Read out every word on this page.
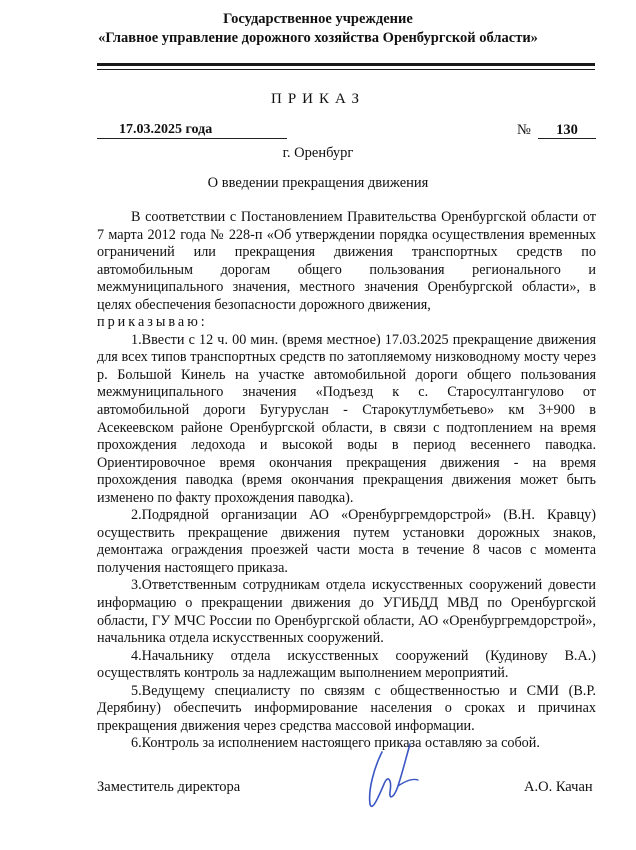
Государственное учреждение
«Главное управление дорожного хозяйства Оренбургской области»
ПРИКАЗ
17.03.2025 года	№	130
г. Оренбург
О введении прекращения движения

В соответствии с Постановлением Правительства Оренбургской области от 7 марта 2012 года № 228-п «Об утверждении порядка осуществления временных ограничений или прекращения движения транспортных средств по автомобильным дорогам общего пользования регионального и межмуниципального значения, местного значения Оренбургской области», в целях обеспечения безопасности дорожного движения,

приказываю:

1.Ввести с 12 ч. 00 мин. (время местное) 17.03.2025 прекращение движения для всех типов транспортных средств по затопляемому низководному мосту через р. Большой Кинель на участке автомобильной дороги общего пользования межмуниципального значения «Подъезд к с. Старосултангулово от автомобильной дороги Бугуруслан - Старокутлумбетьево» км 3+900 в Асекеевском районе Оренбургской области, в связи с подтоплением на время прохождения ледохода и высокой воды в период весеннего паводка. Ориентировочное время окончания прекращения движения - на время прохождения паводка (время окончания прекращения движения может быть изменено по факту прохождения паводка).

2.Подрядной организации АО «Оренбургремдорстрой» (В.Н. Кравцу) осуществить прекращение движения путем установки дорожных знаков, демонтажа ограждения проезжей части моста в течение 8 часов с момента получения настоящего приказа.

3.Ответственным сотрудникам отдела искусственных сооружений довести информацию о прекращении движения до УГИБДД МВД по Оренбургской области, ГУ МЧС России по Оренбургской области, АО «Оренбургремдорстрой», начальника отдела искусственных сооружений.

4.Начальнику отдела искусственных сооружений (Кудинову В.А.) осуществлять контроль за надлежащим выполнением мероприятий.

5.Ведущему специалисту по связям с общественностью и СМИ (В.Р. Дерябину) обеспечить информирование населения о сроках и причинах прекращения движения через средства массовой информации.

6.Контроль за исполнением настоящего приказа оставляю за собой.

Заместитель директора	А.О. Качан
